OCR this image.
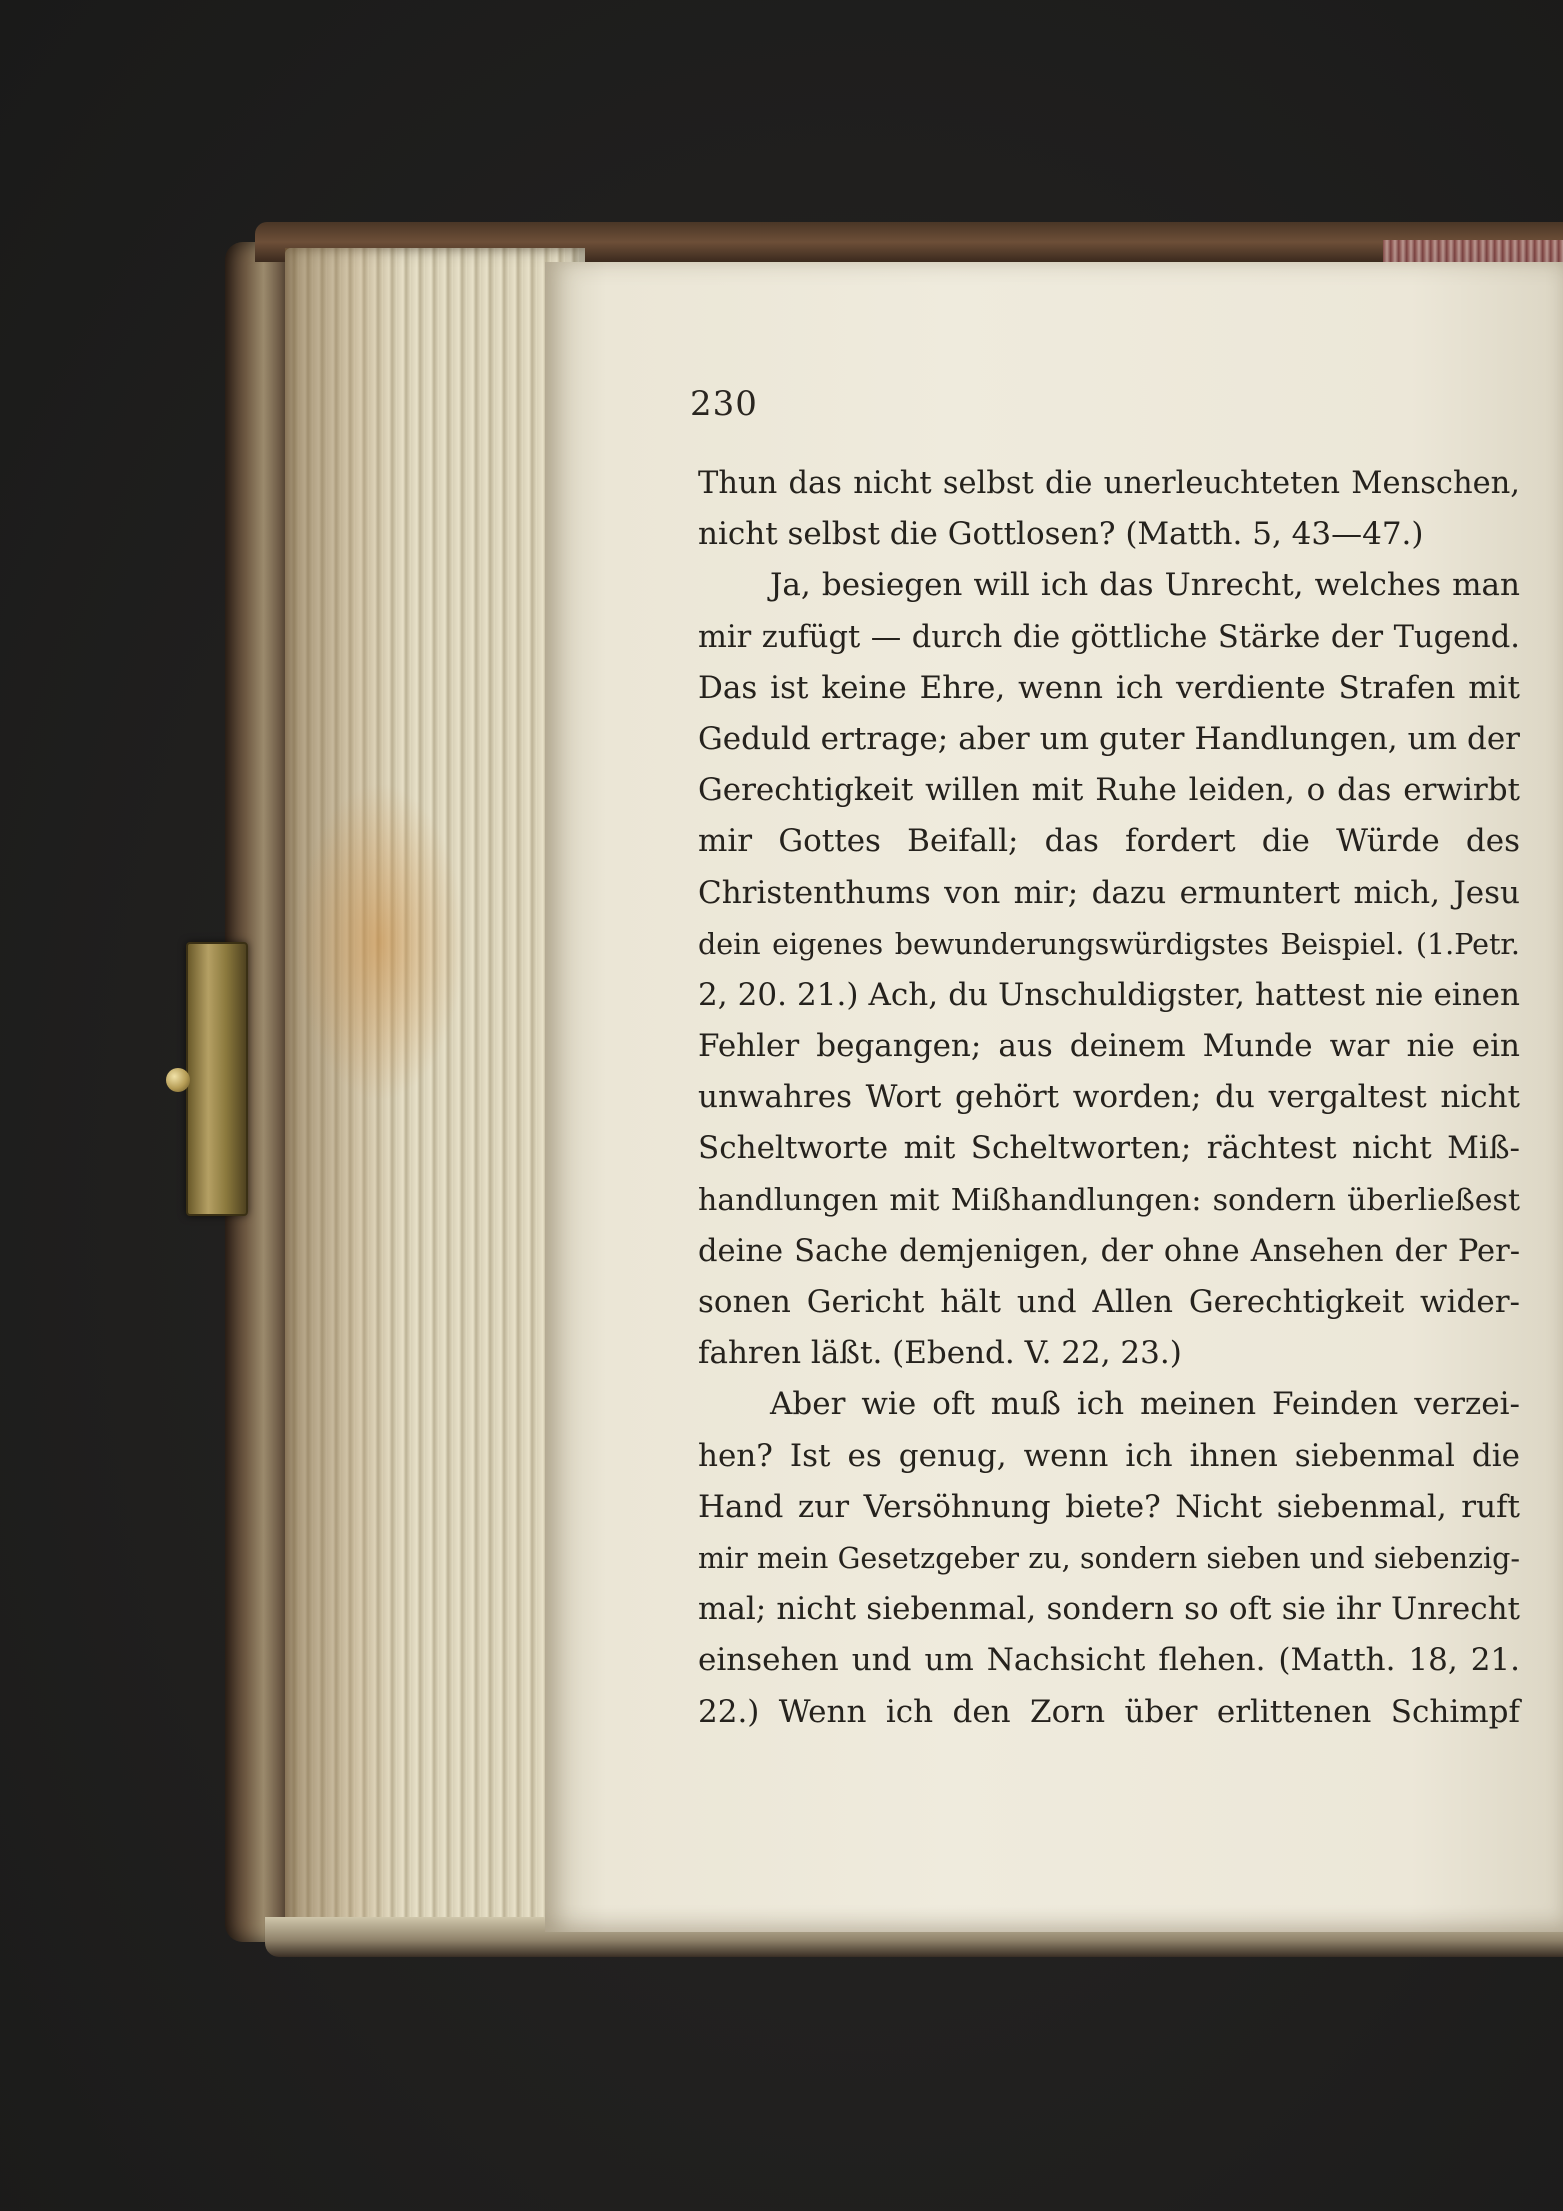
230
Thun das nicht selbst die unerleuchteten Menschen,
nicht selbst die Gottlosen? (Matth. 5, 43—47.)
Ja, besiegen will ich das Unrecht, welches man
mir zufügt — durch die göttliche Stärke der Tugend.
Das ist keine Ehre, wenn ich verdiente Strafen mit
Geduld ertrage; aber um guter Handlungen, um der
Gerechtigkeit willen mit Ruhe leiden, o das erwirbt
mir Gottes Beifall; das fordert die Würde des
Christenthums von mir; dazu ermuntert mich, Jesu
dein eigenes bewunderungswürdigstes Beispiel. (1.Petr.
2, 20. 21.) Ach, du Unschuldigster, hattest nie einen
Fehler begangen; aus deinem Munde war nie ein
unwahres Wort gehört worden; du vergaltest nicht
Scheltworte mit Scheltworten; rächtest nicht Miß-
handlungen mit Mißhandlungen: sondern überließest
deine Sache demjenigen, der ohne Ansehen der Per-
sonen Gericht hält und Allen Gerechtigkeit wider-
fahren läßt. (Ebend. V. 22, 23.)
Aber wie oft muß ich meinen Feinden verzei-
hen? Ist es genug, wenn ich ihnen siebenmal die
Hand zur Versöhnung biete? Nicht siebenmal, ruft
mir mein Gesetzgeber zu, sondern sieben und siebenzig-
mal; nicht siebenmal, sondern so oft sie ihr Unrecht
einsehen und um Nachsicht flehen. (Matth. 18, 21.
22.) Wenn ich den Zorn über erlittenen Schimpf
